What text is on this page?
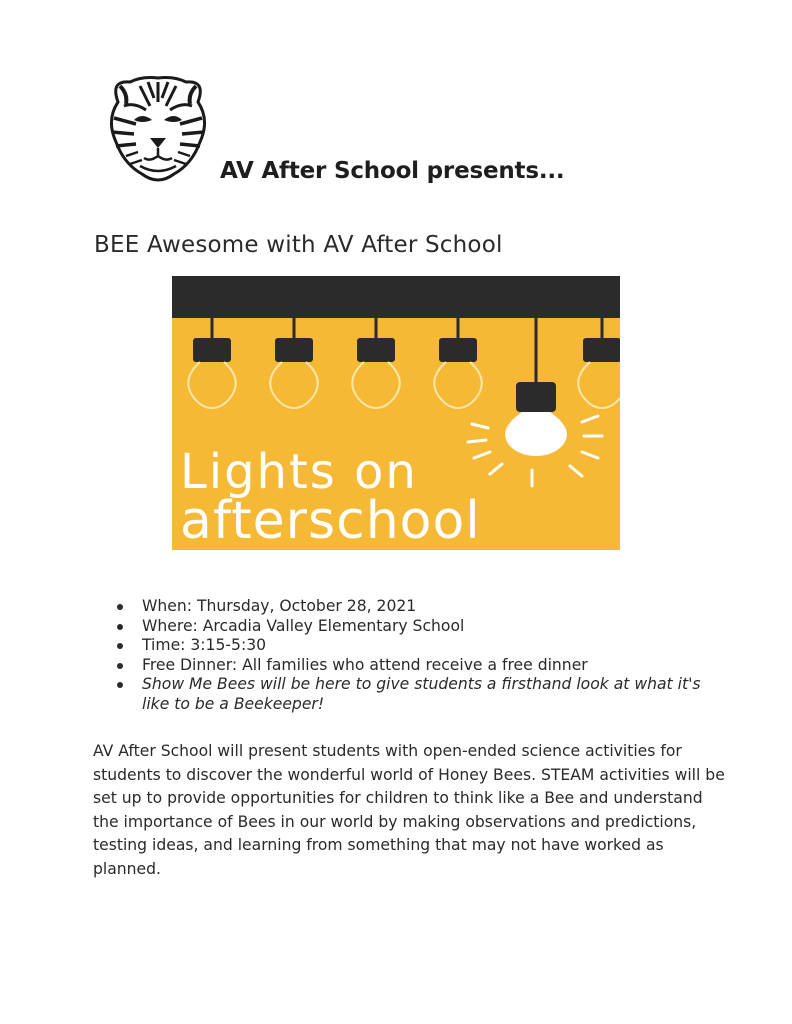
AV After School presents...
BEE Awesome with AV After School
Lights on
afterschool
When: Thursday, October 28, 2021
Where: Arcadia Valley Elementary School
Time: 3:15-5:30
Free Dinner: All families who attend receive a free dinner
Show Me Bees will be here to give students a firsthand look at what it's like to be a Beekeeper!

AV After School will present students with open-ended science activities for students to discover the wonderful world of Honey Bees. STEAM activities will be set up to provide opportunities for children to think like a Bee and understand the importance of Bees in our world by making observations and predictions, testing ideas, and learning from something that may not have worked as planned.
